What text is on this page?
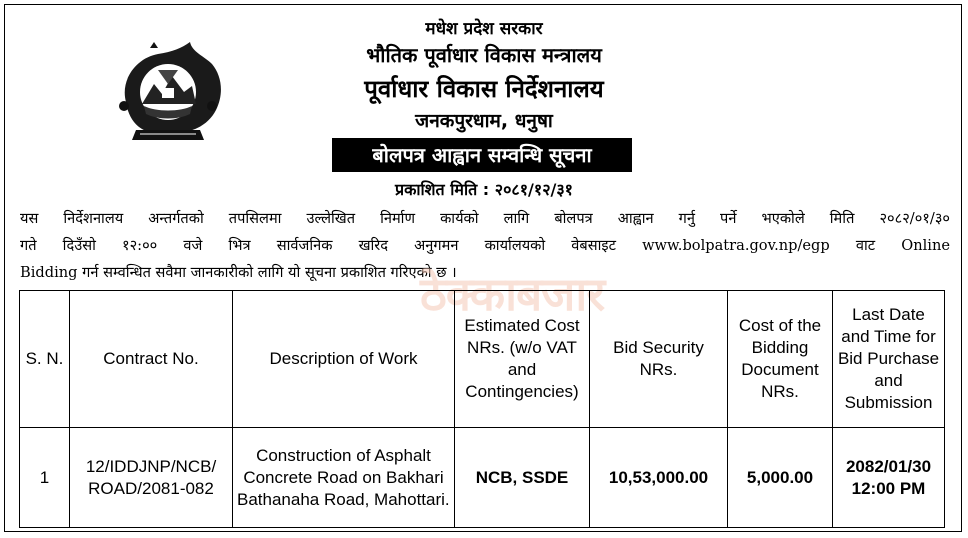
मधेश प्रदेश सरकार
भौतिक पूर्वाधार विकास मन्त्रालय
पूर्वाधार विकास निर्देशनालय
जनकपुरधाम, धनुषा
बोलपत्र आह्वान सम्वन्धि सूचना
प्रकाशित मिति : २०८१/१२/३१
यस निर्देशनालय अन्तर्गतको तपसिलमा उल्लेखित निर्माण कार्यको लागि बोलपत्र आह्वान गर्नु पर्ने भएकोले मिति २०८२/०१/३०
गते दिउँसो १२:०० वजे भित्र सार्वजनिक खरिद अनुगमन कार्यालयको वेबसाइट www.bolpatra.gov.np/egp वाट Online
Bidding गर्न सम्वन्धित सवैमा जानकारीको लागि यो सूचना प्रकाशित गरिएको छ ।
ठेक्काबजार
S. N.	Contract No.	Description of Work	Estimated Cost NRs. (w/o VAT and Contingencies)	Bid Security NRs.	Cost of the Bidding Document NRs.	Last Date and Time for Bid Purchase and Submission
1	12/IDDJNP/NCB/ ROAD/2081-082	Construction of Asphalt Concrete Road on Bakhari Bathanaha Road, Mahottari.	NCB, SSDE	10,53,000.00	5,000.00	2082/01/30
12:00 PM
